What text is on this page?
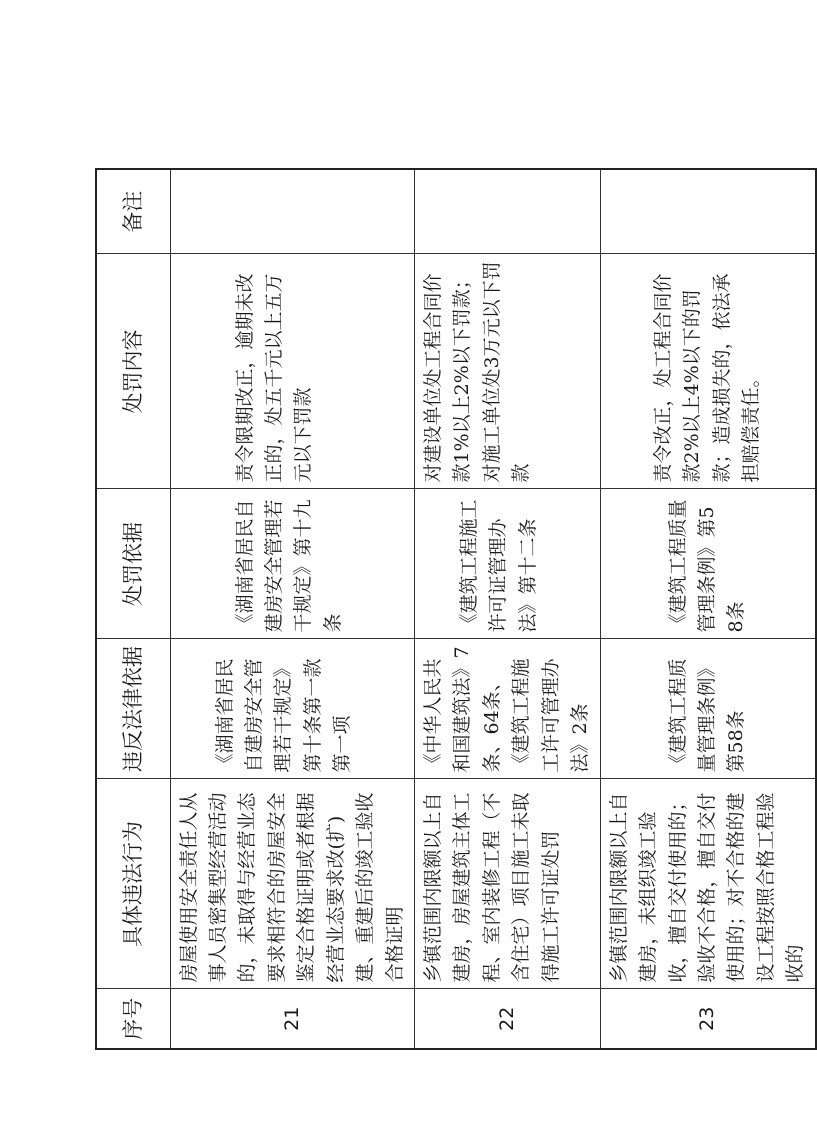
序号	具体违法行为	违反法律依据	处罚依据	处罚内容	备注
21	房屋使用安全责任人从事人员密集型经营活动的，未取得与经营业态要求相符合的房屋安全鉴定合格证明或者根据经营业态要求改(扩)建、重建后的竣工验收合格证明	《湖南省居民自建房安全管理若干规定》第十条第一款第一项	《湖南省居民自建房安全管理若干规定》第十九条	责令限期改正，逾期未改正的，处五千元以上五万元以下罚款	
22	乡镇范围内限额以上自建房，房屋建筑主体工程、室内装修工程（不含住宅）项目施工未取得施工许可证处罚	《中华人民共和国建筑法》7条、64条、《建筑工程施工许可管理办法》2条	《建筑工程施工许可证管理办法》第十二条	对建设单位处工程合同价款1%以上2%以下罚款；对施工单位处3万元以下罚款	
23	乡镇范围内限额以上自建房，未组织竣工验收，擅自交付使用的；验收不合格，擅自交付使用的；对不合格的建设工程按照合格工程验收的	《建筑工程质量管理条例》第58条	《建筑工程质量管理条例》第58条	责令改正，处工程合同价款2%以上4%以下的罚款；造成损失的，依法承担赔偿责任。	
